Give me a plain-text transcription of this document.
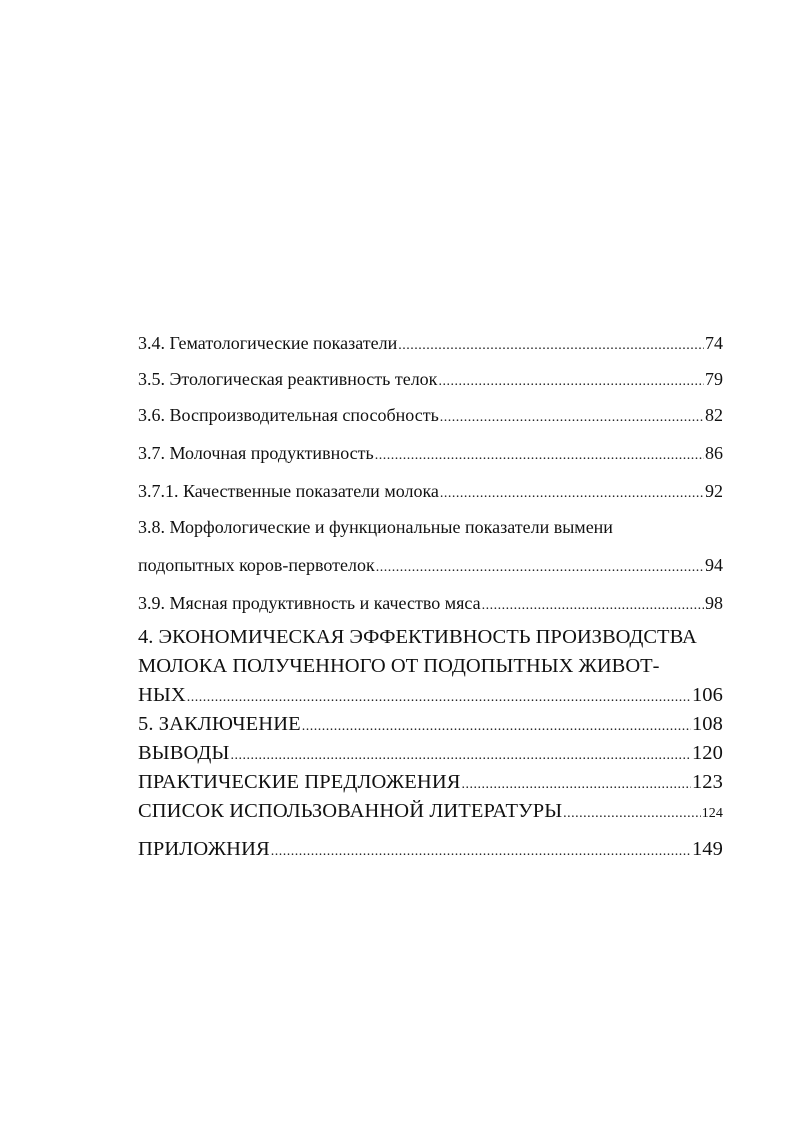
3.4. Гематологические показатели .....	74
3.5. Этологическая реактивность телок .....	79
3.6. Воспроизводительная способность .....	82
3.7. Молочная продуктивность .....	86
3.7.1. Качественные показатели молока .....	92
3.8. Морфологические и функциональные показатели вымени
подопытных коров-первотелок .....	94
3.9. Мясная продуктивность и качество мяса .....	98
4. ЭКОНОМИЧЕСКАЯ ЭФФЕКТИВНОСТЬ ПРОИЗВОДСТВА
МОЛОКА ПОЛУЧЕННОГО ОТ ПОДОПЫТНЫХ ЖИВОТ-
НЫХ .....	106
5. ЗАКЛЮЧЕНИЕ .....	108
ВЫВОДЫ .....	120
ПРАКТИЧЕСКИЕ ПРЕДЛОЖЕНИЯ .....	123
СПИСОК ИСПОЛЬЗОВАННОЙ ЛИТЕРАТУРЫ .....	124
ПРИЛОЖНИЯ .....	149
